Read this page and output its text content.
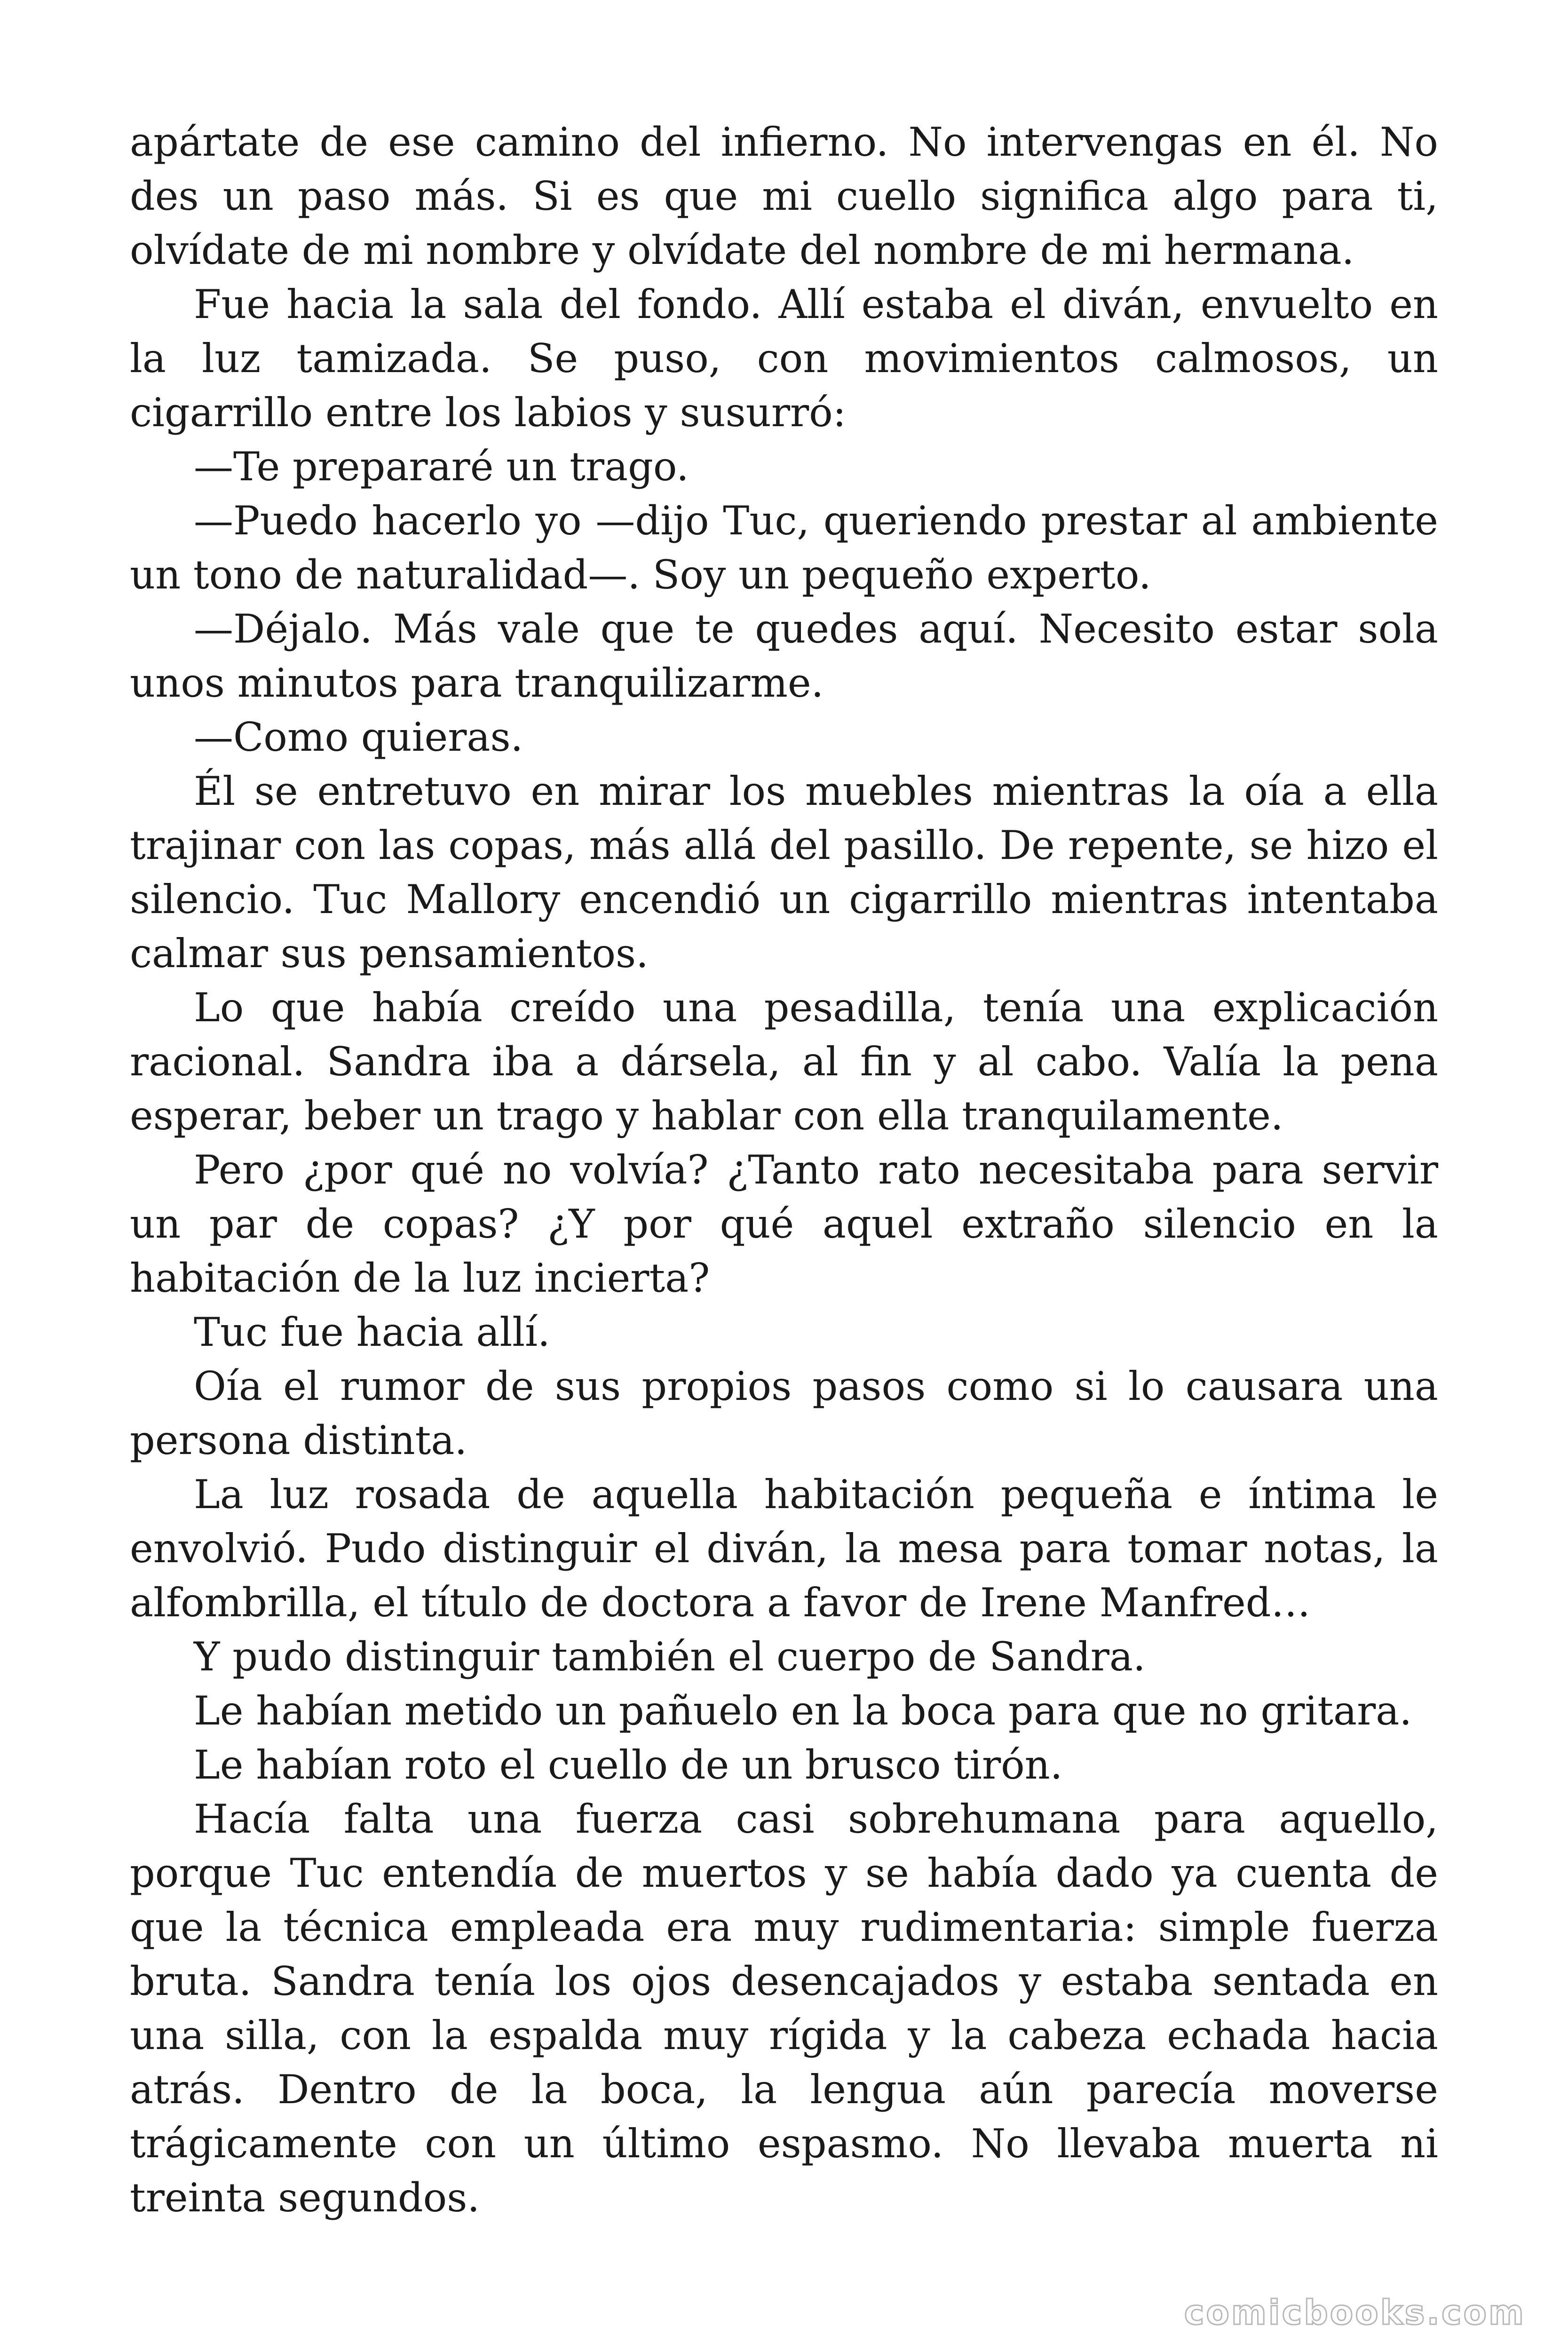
apártate de ese camino del infierno. No intervengas en él. No des un paso más. Si es que mi cuello significa algo para ti, olvídate de mi nombre y olvídate del nombre de mi hermana.

Fue hacia la sala del fondo. Allí estaba el diván, envuelto en la luz tamizada. Se puso, con movimientos calmosos, un cigarrillo entre los labios y susurró:

—Te prepararé un trago.

—Puedo hacerlo yo —dijo Tuc, queriendo prestar al ambiente un tono de naturalidad—. Soy un pequeño experto.

—Déjalo. Más vale que te quedes aquí. Necesito estar sola unos minutos para tranquilizarme.

—Como quieras.

Él se entretuvo en mirar los muebles mientras la oía a ella trajinar con las copas, más allá del pasillo. De repente, se hizo el silencio. Tuc Mallory encendió un cigarrillo mientras intentaba calmar sus pensamientos.

Lo que había creído una pesadilla, tenía una explicación racional. Sandra iba a dársela, al fin y al cabo. Valía la pena esperar, beber un trago y hablar con ella tranquilamente.

Pero ¿por qué no volvía? ¿Tanto rato necesitaba para servir un par de copas? ¿Y por qué aquel extraño silencio en la habitación de la luz incierta?

Tuc fue hacia allí.

Oía el rumor de sus propios pasos como si lo causara una persona distinta.

La luz rosada de aquella habitación pequeña e íntima le envolvió. Pudo distinguir el diván, la mesa para tomar notas, la alfombrilla, el título de doctora a favor de Irene Manfred…

Y pudo distinguir también el cuerpo de Sandra.

Le habían metido un pañuelo en la boca para que no gritara.

Le habían roto el cuello de un brusco tirón.

Hacía falta una fuerza casi sobrehumana para aquello, porque Tuc entendía de muertos y se había dado ya cuenta de que la técnica empleada era muy rudimentaria: simple fuerza bruta. Sandra tenía los ojos desencajados y estaba sentada en una silla, con la espalda muy rígida y la cabeza echada hacia atrás. Dentro de la boca, la lengua aún parecía moverse trágicamente con un último espasmo. No llevaba muerta ni treinta segundos.

comicbooks.com
